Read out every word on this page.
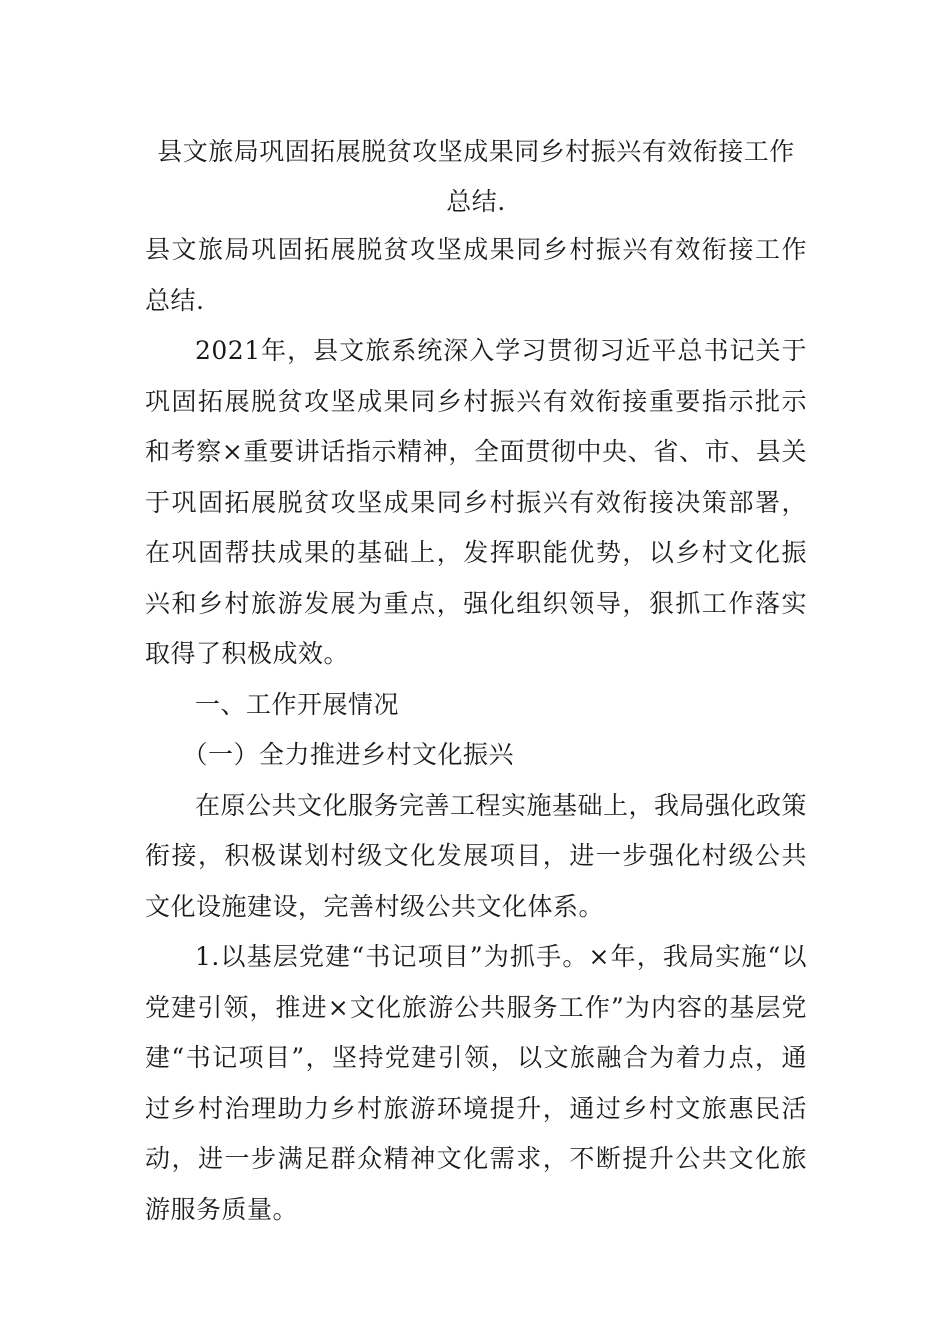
县文旅局巩固拓展脱贫攻坚成果同乡村振兴有效衔接工作
总结.

县文旅局巩固拓展脱贫攻坚成果同乡村振兴有效衔接工作总结.

2021年，县文旅系统深入学习贯彻习近平总书记关于巩固拓展脱贫攻坚成果同乡村振兴有效衔接重要指示批示和考察×重要讲话指示精神，全面贯彻中央、省、市、县关于巩固拓展脱贫攻坚成果同乡村振兴有效衔接决策部署，在巩固帮扶成果的基础上，发挥职能优势，以乡村文化振兴和乡村旅游发展为重点，强化组织领导，狠抓工作落实取得了积极成效。

一、工作开展情况

（一）全力推进乡村文化振兴

在原公共文化服务完善工程实施基础上，我局强化政策衔接，积极谋划村级文化发展项目，进一步强化村级公共文化设施建设，完善村级公共文化体系。

1.以基层党建“书记项目”为抓手。×年，我局实施“以党建引领，推进×文化旅游公共服务工作”为内容的基层党建“书记项目”，坚持党建引领，以文旅融合为着力点，通过乡村治理助力乡村旅游环境提升，通过乡村文旅惠民活动，进一步满足群众精神文化需求，不断提升公共文化旅游服务质量。
